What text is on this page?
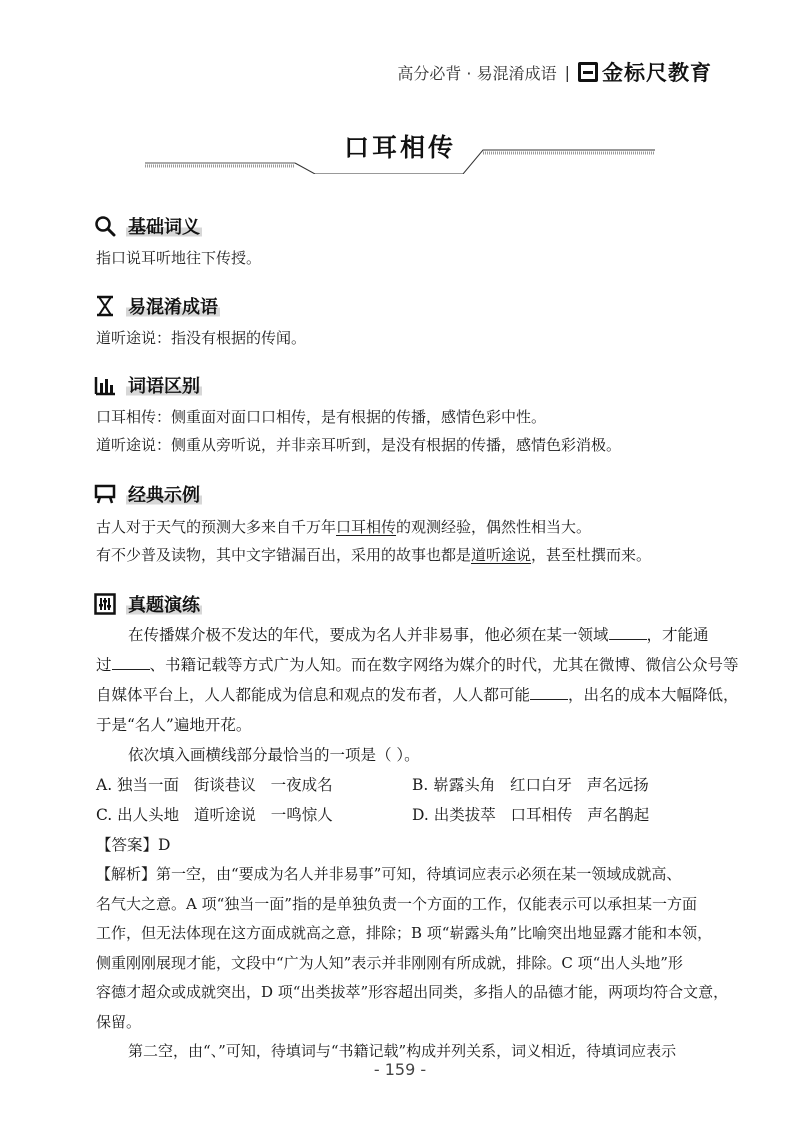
高分必背 · 易混淆成语 | 金标尺教育
口耳相传
基础词义
指口说耳听地往下传授。
易混淆成语
道听途说：指没有根据的传闻。
词语区别
口耳相传：侧重面对面口口相传，是有根据的传播，感情色彩中性。
道听途说：侧重从旁听说，并非亲耳听到，是没有根据的传播，感情色彩消极。
经典示例
古人对于天气的预测大多来自千万年口耳相传的观测经验，偶然性相当大。
有不少普及读物，其中文字错漏百出，采用的故事也都是道听途说，甚至杜撰而来。
真题演练
在传播媒介极不发达的年代，要成为名人并非易事，他必须在某一领域 ，才能通
过 、书籍记载等方式广为人知。而在数字网络为媒介的时代，尤其在微博、微信公众号等
自媒体平台上，人人都能成为信息和观点的发布者，人人都可能 ，出名的成本大幅降低，
于是“名人”遍地开花。
依次填入画横线部分最恰当的一项是（ ）。
A. 独当一面   街谈巷议   一夜成名	B. 崭露头角   红口白牙   声名远扬
C. 出人头地   道听途说   一鸣惊人	D. 出类拔萃   口耳相传   声名鹊起
【答案】D
【解析】第一空，由“要成为名人并非易事”可知，待填词应表示必须在某一领域成就高、
名气大之意。A 项“独当一面”指的是单独负责一个方面的工作，仅能表示可以承担某一方面
工作，但无法体现在这方面成就高之意，排除；B 项“崭露头角”比喻突出地显露才能和本领，
侧重刚刚展现才能，文段中“广为人知”表示并非刚刚有所成就，排除。C 项“出人头地”形
容德才超众或成就突出，D 项“出类拔萃”形容超出同类，多指人的品德才能，两项均符合文意，
保留。
第二空，由“、”可知，待填词与“书籍记载”构成并列关系，词义相近，待填词应表示
- 159 -
